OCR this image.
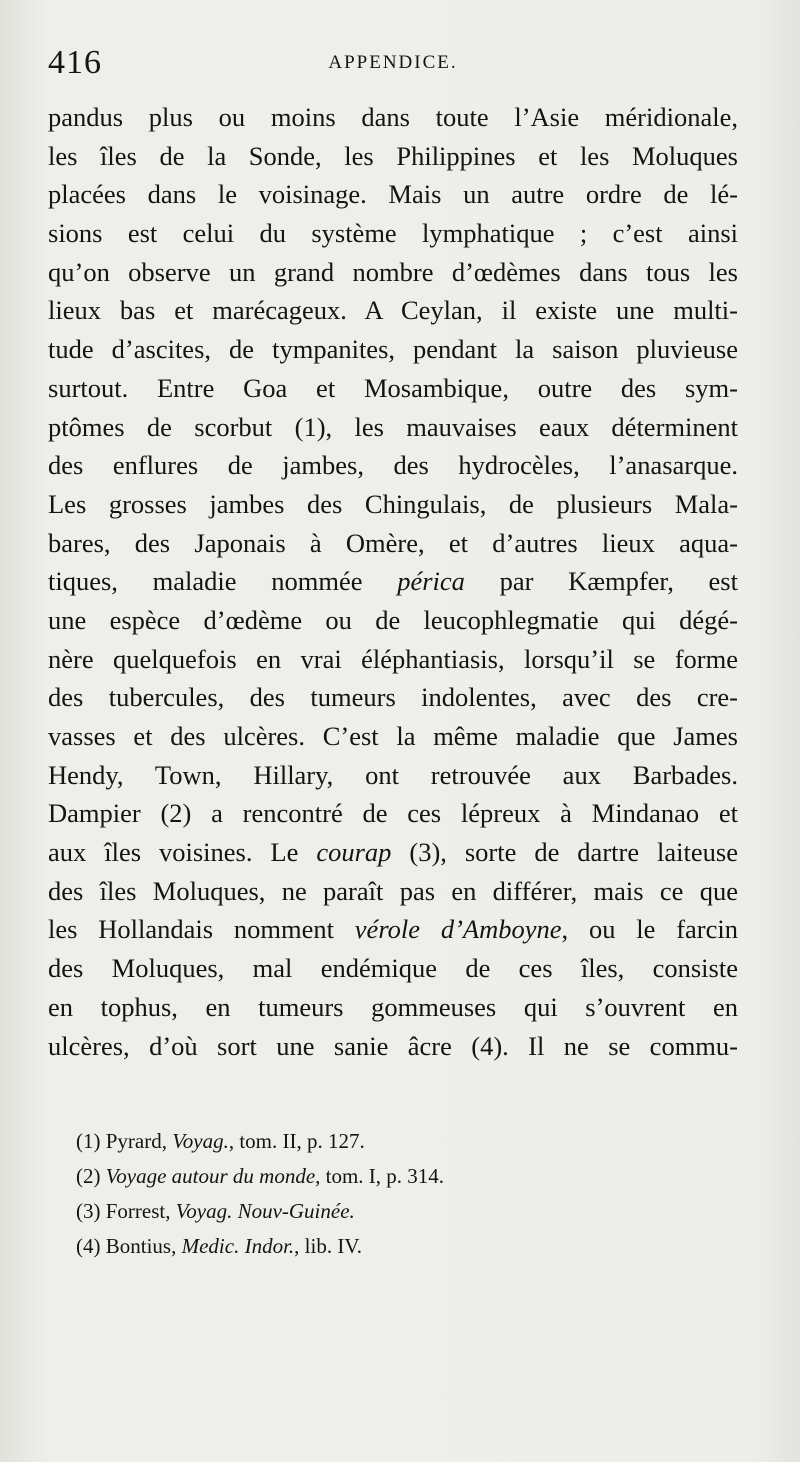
416	APPENDICE.
pandus plus ou moins dans toute l’Asie méridionale,
les îles de la Sonde, les Philippines et les Moluques
placées dans le voisinage. Mais un autre ordre de lé-
sions est celui du système lymphatique ; c’est ainsi
qu’on observe un grand nombre d’œdèmes dans tous les
lieux bas et marécageux. A Ceylan, il existe une multi-
tude d’ascites, de tympanites, pendant la saison pluvieuse
surtout. Entre Goa et Mosambique, outre des sym-
ptômes de scorbut (1), les mauvaises eaux déterminent
des enflures de jambes, des hydrocèles, l’anasarque.
Les grosses jambes des Chingulais, de plusieurs Mala-
bares, des Japonais à Omère, et d’autres lieux aqua-
tiques, maladie nommée périca par Kæmpfer, est
une espèce d’œdème ou de leucophlegmatie qui dégé-
nère quelquefois en vrai éléphantiasis, lorsqu’il se forme
des tubercules, des tumeurs indolentes, avec des cre-
vasses et des ulcères. C’est la même maladie que James
Hendy, Town, Hillary, ont retrouvée aux Barbades.
Dampier (2) a rencontré de ces lépreux à Mindanao et
aux îles voisines. Le courap (3), sorte de dartre laiteuse
des îles Moluques, ne paraît pas en différer, mais ce que
les Hollandais nomment vérole d’Amboyne, ou le farcin
des Moluques, mal endémique de ces îles, consiste
en tophus, en tumeurs gommeuses qui s’ouvrent en
ulcères, d’où sort une sanie âcre (4). Il ne se commu-
(1) Pyrard, Voyag., tom. II, p. 127.
(2) Voyage autour du monde, tom. I, p. 314.
(3) Forrest, Voyag. Nouv-Guinée.
(4) Bontius, Medic. Indor., lib. IV.
